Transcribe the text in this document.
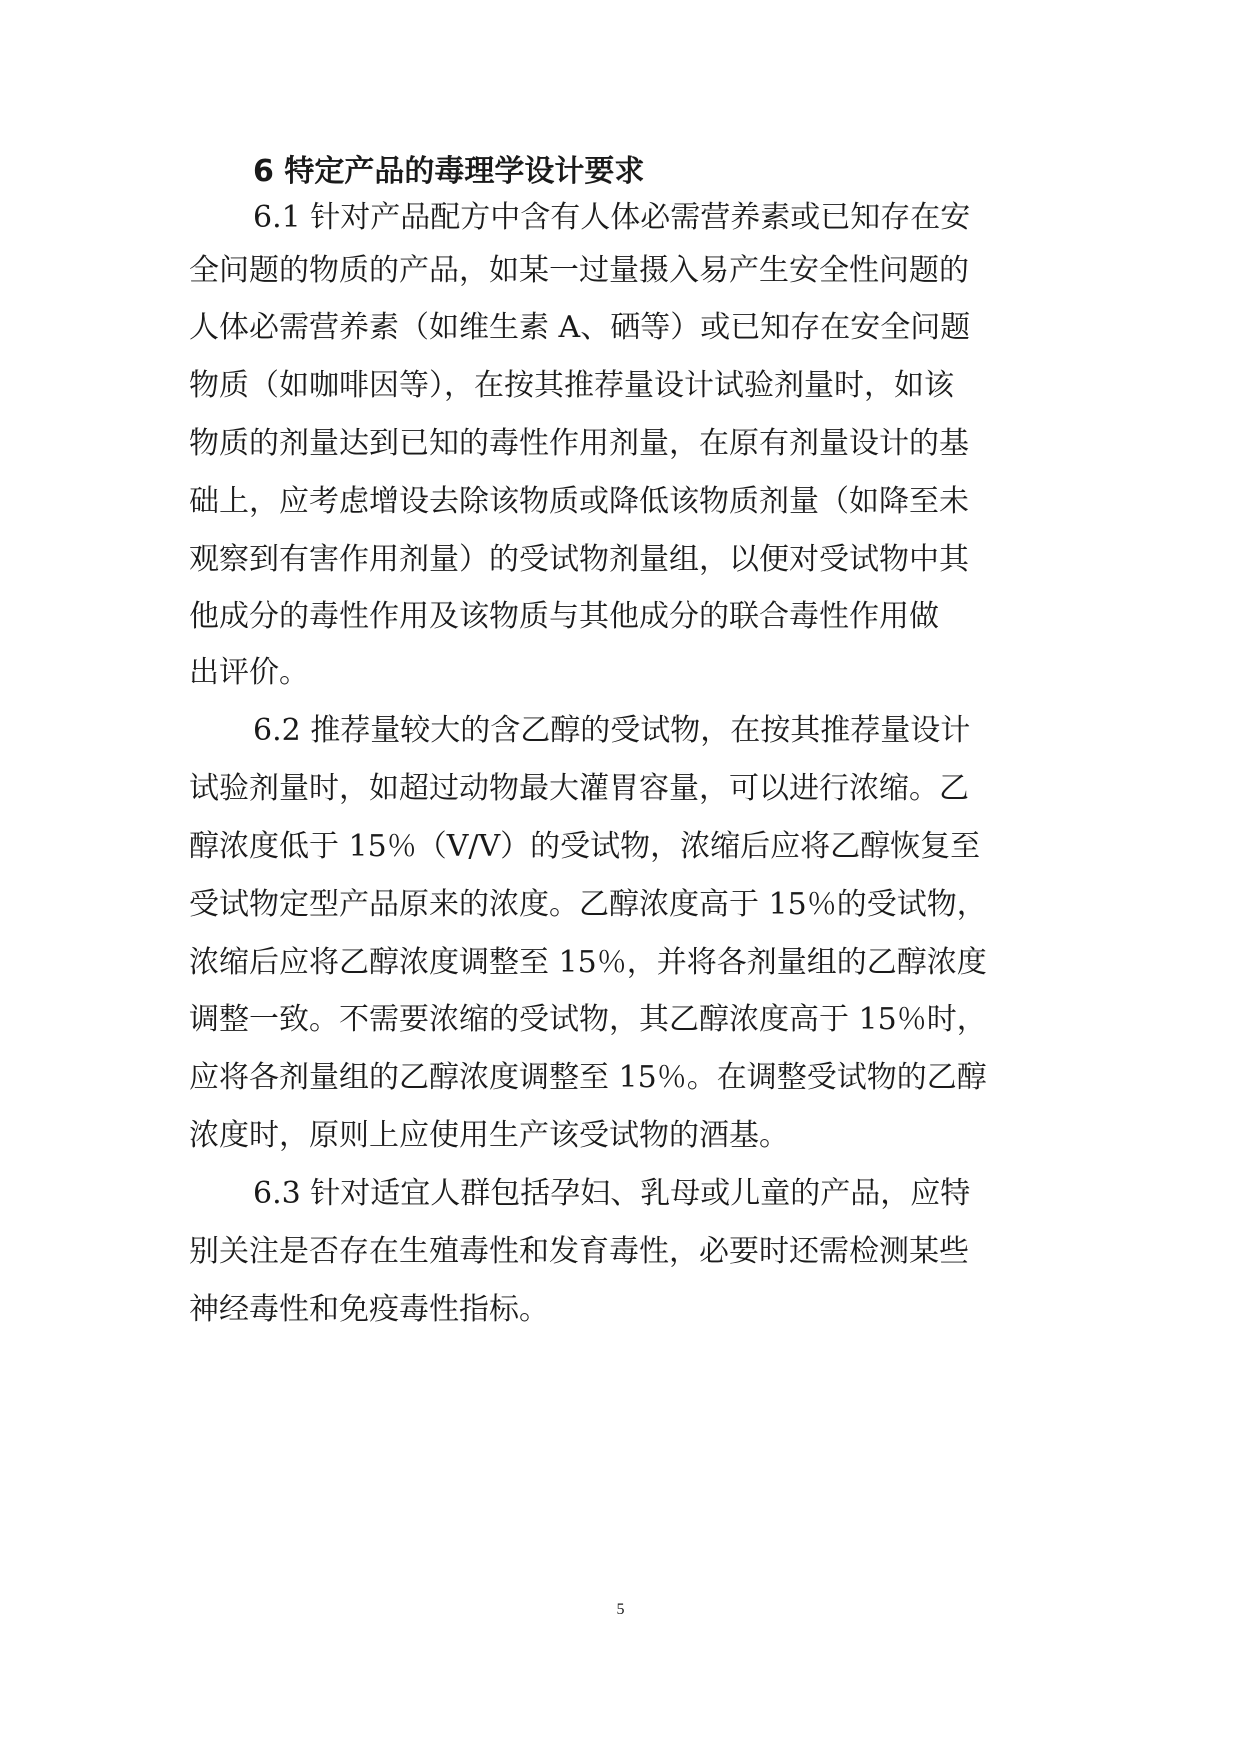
6 特定产品的毒理学设计要求
6.1 针对产品配方中含有人体必需营养素或已知存在安
全问题的物质的产品，如某一过量摄入易产生安全性问题的
人体必需营养素（如维生素 A、硒等）或已知存在安全问题
物质（如咖啡因等），在按其推荐量设计试验剂量时，如该
物质的剂量达到已知的毒性作用剂量，在原有剂量设计的基
础上，应考虑增设去除该物质或降低该物质剂量（如降至未
观察到有害作用剂量）的受试物剂量组，以便对受试物中其
他成分的毒性作用及该物质与其他成分的联合毒性作用做
出评价。
6.2 推荐量较大的含乙醇的受试物，在按其推荐量设计
试验剂量时，如超过动物最大灌胃容量，可以进行浓缩。乙
醇浓度低于 15％（V/V）的受试物，浓缩后应将乙醇恢复至
受试物定型产品原来的浓度。乙醇浓度高于 15％的受试物，
浓缩后应将乙醇浓度调整至 15％，并将各剂量组的乙醇浓度
调整一致。不需要浓缩的受试物，其乙醇浓度高于 15％时，
应将各剂量组的乙醇浓度调整至 15％。在调整受试物的乙醇
浓度时，原则上应使用生产该受试物的酒基。
6.3 针对适宜人群包括孕妇、乳母或儿童的产品，应特
别关注是否存在生殖毒性和发育毒性，必要时还需检测某些
神经毒性和免疫毒性指标。
5
